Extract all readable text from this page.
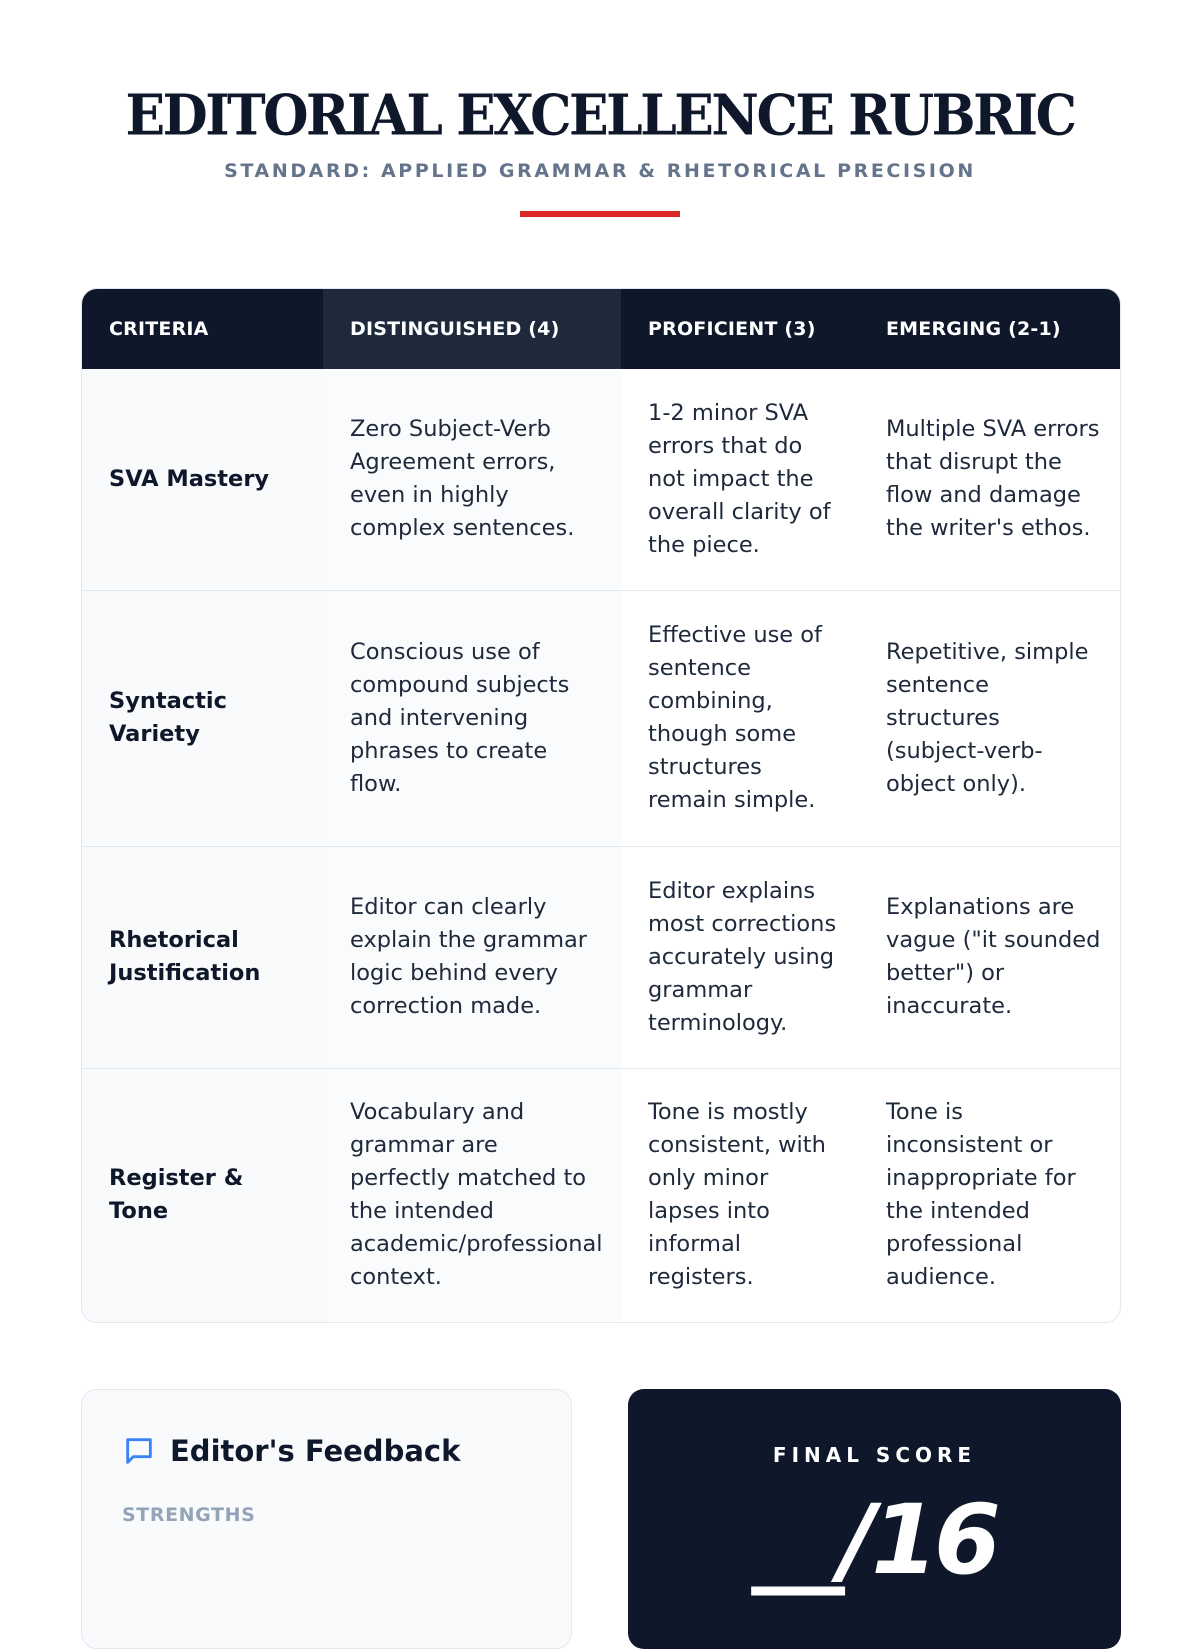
EDITORIAL EXCELLENCE RUBRIC
STANDARD: APPLIED GRAMMAR & RHETORICAL PRECISION
CRITERIA	DISTINGUISHED (4)	PROFICIENT (3)	EMERGING (2-1)
SVA Mastery	Zero Subject-Verb Agreement errors, even in highly complex sentences.	1-2 minor SVA errors that do not impact the overall clarity of the piece.	Multiple SVA errors that disrupt the flow and damage the writer's ethos.
Syntactic Variety	Conscious use of compound subjects and intervening phrases to create flow.	Effective use of sentence combining, though some structures remain simple.	Repetitive, simple sentence structures (subject-verb-object only).
Rhetorical Justification	Editor can clearly explain the grammar logic behind every correction made.	Editor explains most corrections accurately using grammar terminology.	Explanations are vague ("it sounded better") or inaccurate.
Register & Tone	Vocabulary and grammar are perfectly matched to the intended academic/professional context.	Tone is mostly consistent, with only minor lapses into informal registers.	Tone is inconsistent or inappropriate for the intended professional audience.
Editor's Feedback
STRENGTHS
FINAL SCORE
__/16
